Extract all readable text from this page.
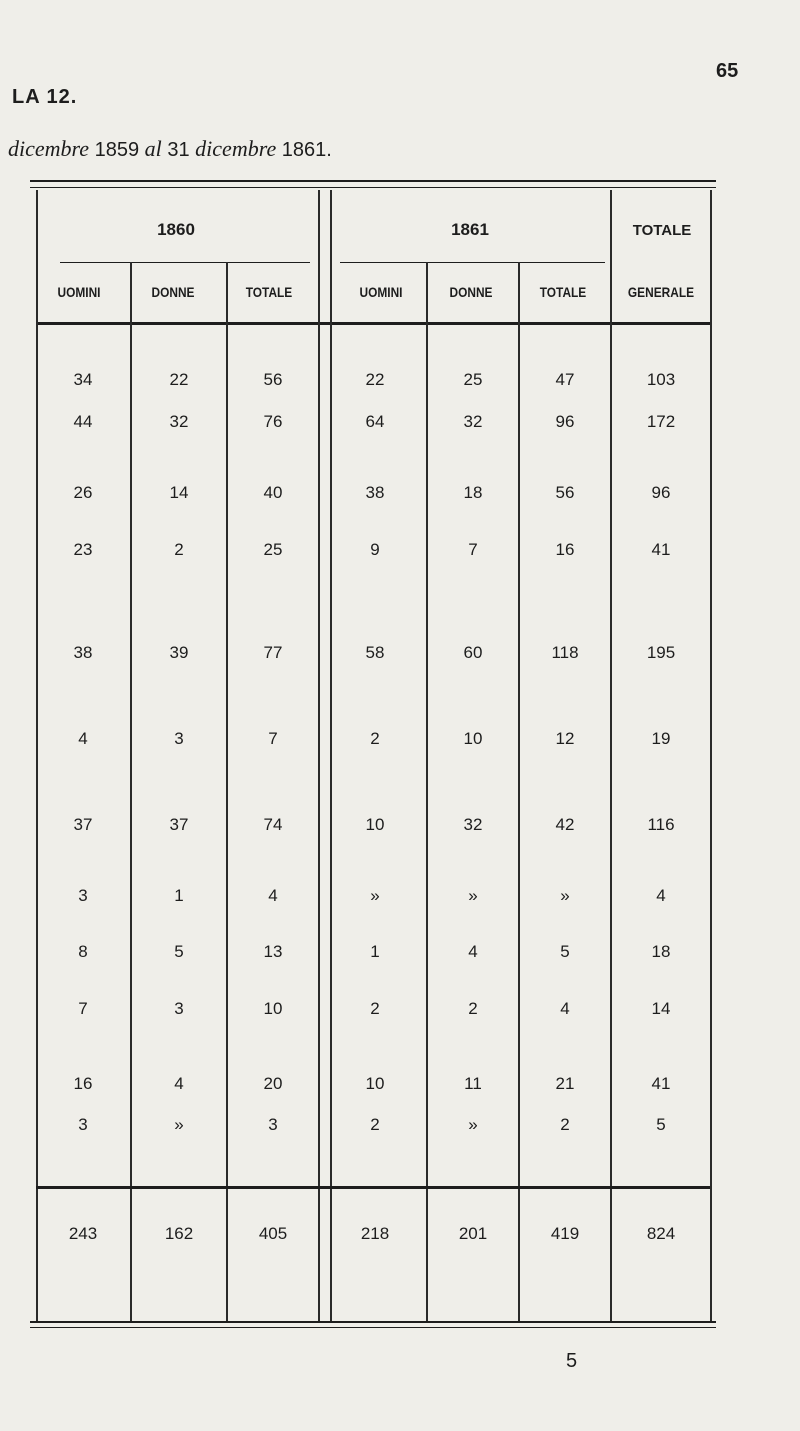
65
LA 12.
dicembre 1859 al 31 dicembre 1861.
1860	1861	TOTALE
UOMINI	DONNE	TOTALE	UOMINI	DONNE	TOTALE	GENERALE
34	22	56	22	25	47	103
44	32	76	64	32	96	172
26	14	40	38	18	56	96
23	2	25	9	7	16	41
38	39	77	58	60	118	195
4	3	7	2	10	12	19
37	37	74	10	32	42	116
3	1	4	»	»	»	4
8	5	13	1	4	5	18
7	3	10	2	2	4	14
16	4	20	10	11	21	41
3	»	3	2	»	2	5
243	162	405	218	201	419	824
5
